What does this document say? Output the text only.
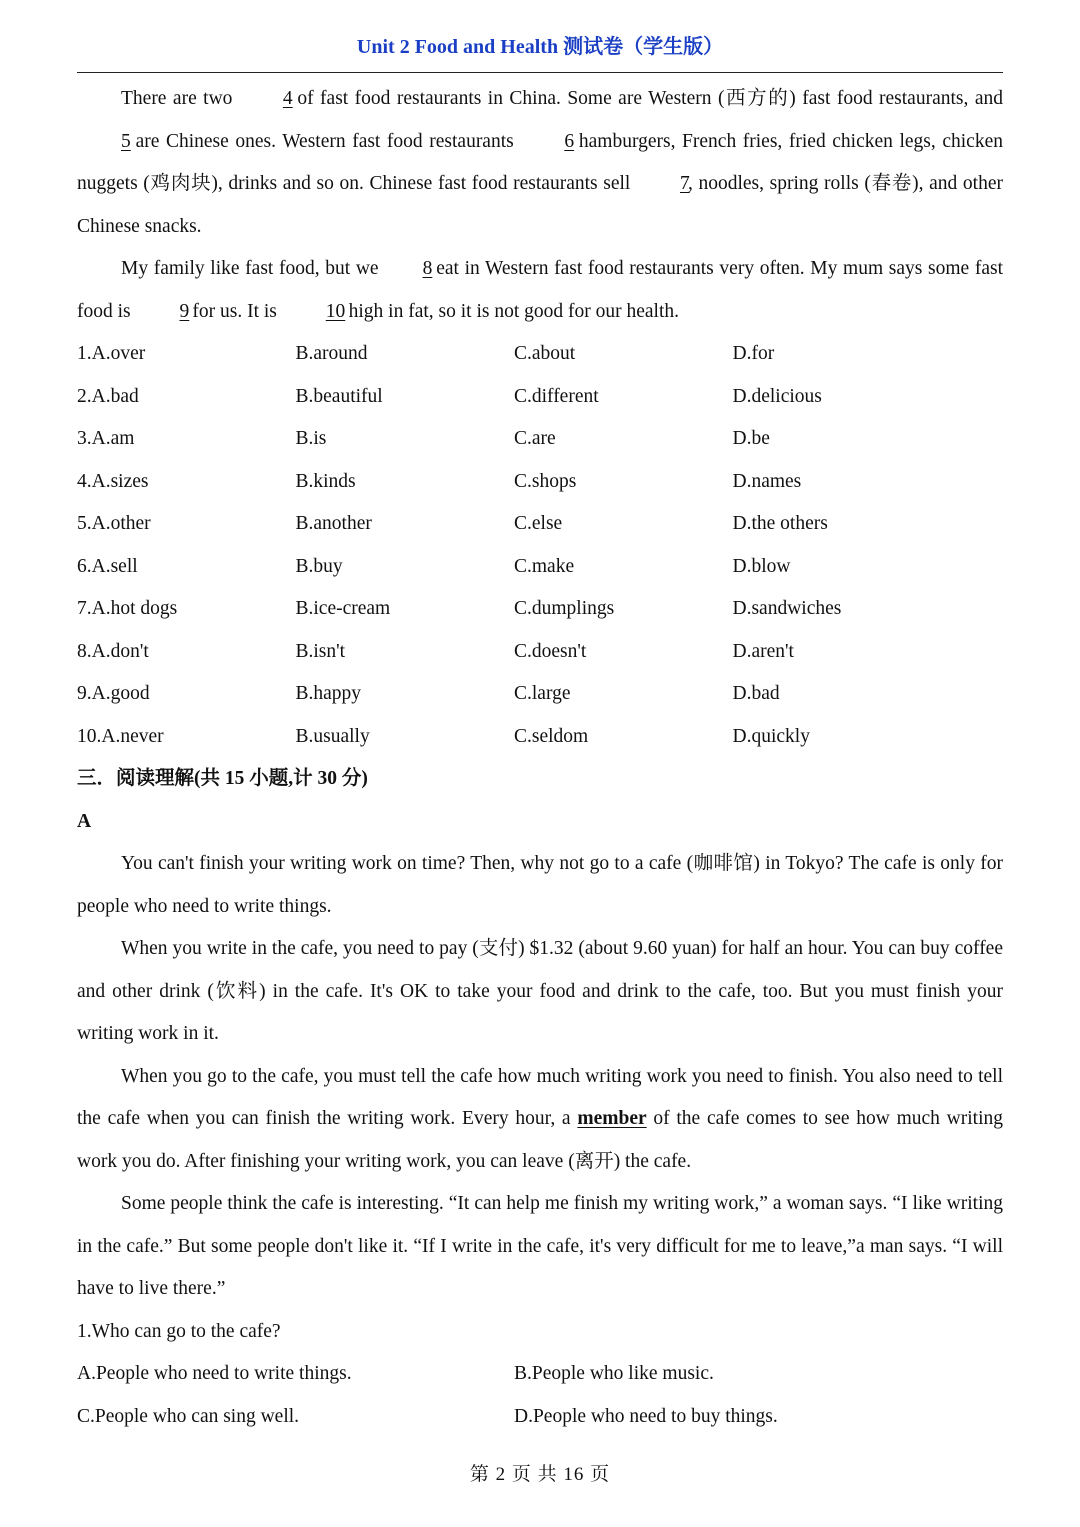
Unit 2 Food and Health 测试卷（学生版）

There are two 4 of fast food restaurants in China. Some are Western (西方的) fast food restaurants, and 5 are Chinese ones. Western fast food restaurants 6 hamburgers, French fries, fried chicken legs, chicken nuggets (鸡肉块), drinks and so on. Chinese fast food restaurants sell 7, noodles, spring rolls (春卷), and other Chinese snacks.

My family like fast food, but we8 eat in Western fast food restaurants very often. My mum says some fast food is 9 for us. It is 10 high in fat, so it is not good for our health.

1.A.over	B.around	C.about	D.for
2.A.bad	B.beautiful	C.different	D.delicious
3.A.am	B.is	C.are	D.be
4.A.sizes	B.kinds	C.shops	D.names
5.A.other	B.another	C.else	D.the others
6.A.sell	B.buy	C.make	D.blow
7.A.hot dogs	B.ice-cream	C.dumplings	D.sandwiches
8.A.don't	B.isn't	C.doesn't	D.aren't
9.A.good	B.happy	C.large	D.bad
10.A.never	B.usually	C.seldom	D.quickly

三．阅读理解(共 15 小题,计 30 分)

A

You can't finish your writing work on time? Then, why not go to a cafe (咖啡馆) in Tokyo? The cafe is only for people who need to write things.

When you write in the cafe, you need to pay (支付) $1.32 (about 9.60 yuan) for half an hour. You can buy coffee and other drink (饮料) in the cafe. It's OK to take your food and drink to the cafe, too. But you must finish your writing work in it.

When you go to the cafe, you must tell the cafe how much writing work you need to finish. You also need to tell the cafe when you can finish the writing work. Every hour, a member of the cafe comes to see how much writing work you do. After finishing your writing work, you can leave (离开) the cafe.

Some people think the cafe is interesting. “It can help me finish my writing work,” a woman says. “I like writing in the cafe.” But some people don't like it. “If I write in the cafe, it's very difficult for me to leave,”a man says. “I will have to live there.”

1.Who can go to the cafe?

A.People who need to write things.	B.People who like music.
C.People who can sing well.	D.People who need to buy things.
第 2 页 共 16 页
